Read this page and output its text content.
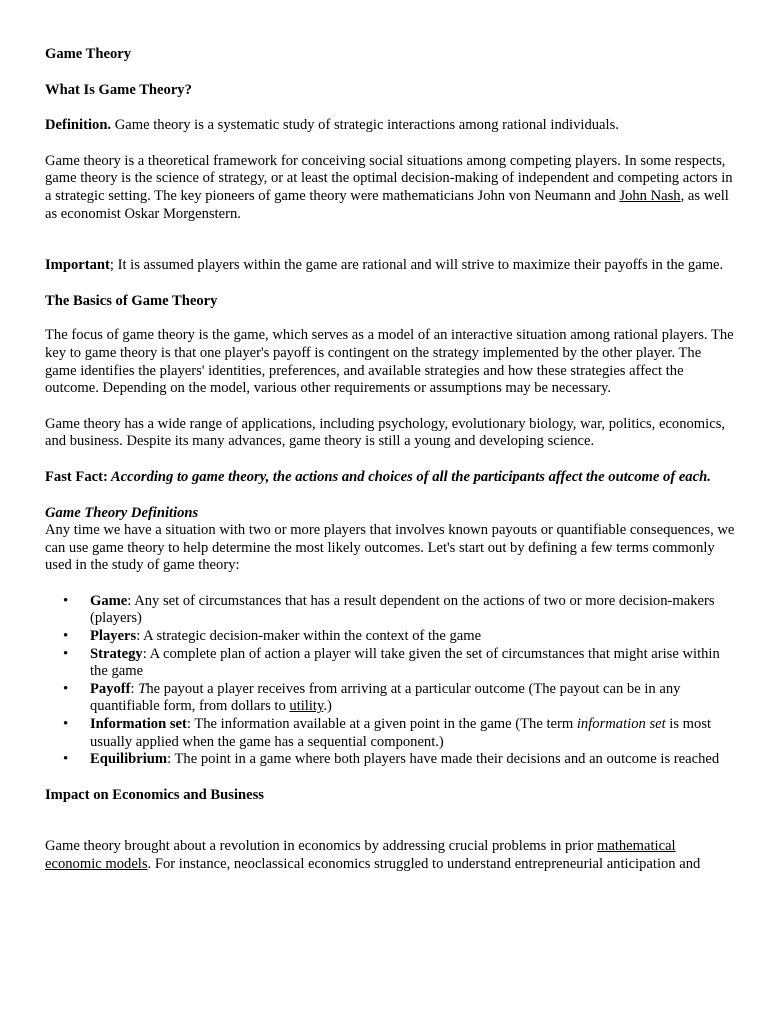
Game Theory

What Is Game Theory?

Definition. Game theory is a systematic study of strategic interactions among rational individuals.

Game theory is a theoretical framework for conceiving social situations among competing players. In some respects, game theory is the science of strategy, or at least the optimal decision-making of independent and competing actors in a strategic setting. The key pioneers of game theory were mathematicians John von Neumann and John Nash, as well as economist Oskar Morgenstern.

Important; It is assumed players within the game are rational and will strive to maximize their payoffs in the game.

The Basics of Game Theory

The focus of game theory is the game, which serves as a model of an interactive situation among rational players. The key to game theory is that one player's payoff is contingent on the strategy implemented by the other player. The game identifies the players' identities, preferences, and available strategies and how these strategies affect the outcome. Depending on the model, various other requirements or assumptions may be necessary.

Game theory has a wide range of applications, including psychology, evolutionary biology, war, politics, economics, and business. Despite its many advances, game theory is still a young and developing science.

Fast Fact: According to game theory, the actions and choices of all the participants affect the outcome of each.

Game Theory Definitions
Any time we have a situation with two or more players that involves known payouts or quantifiable consequences, we can use game theory to help determine the most likely outcomes. Let's start out by defining a few terms commonly used in the study of game theory:

• Game: Any set of circumstances that has a result dependent on the actions of two or more decision-makers (players)
• Players: A strategic decision-maker within the context of the game
• Strategy: A complete plan of action a player will take given the set of circumstances that might arise within the game
• Payoff: The payout a player receives from arriving at a particular outcome (The payout can be in any quantifiable form, from dollars to utility.)
• Information set: The information available at a given point in the game (The term information set is most usually applied when the game has a sequential component.)
• Equilibrium: The point in a game where both players have made their decisions and an outcome is reached

Impact on Economics and Business

Game theory brought about a revolution in economics by addressing crucial problems in prior mathematical economic models. For instance, neoclassical economics struggled to understand entrepreneurial anticipation and
